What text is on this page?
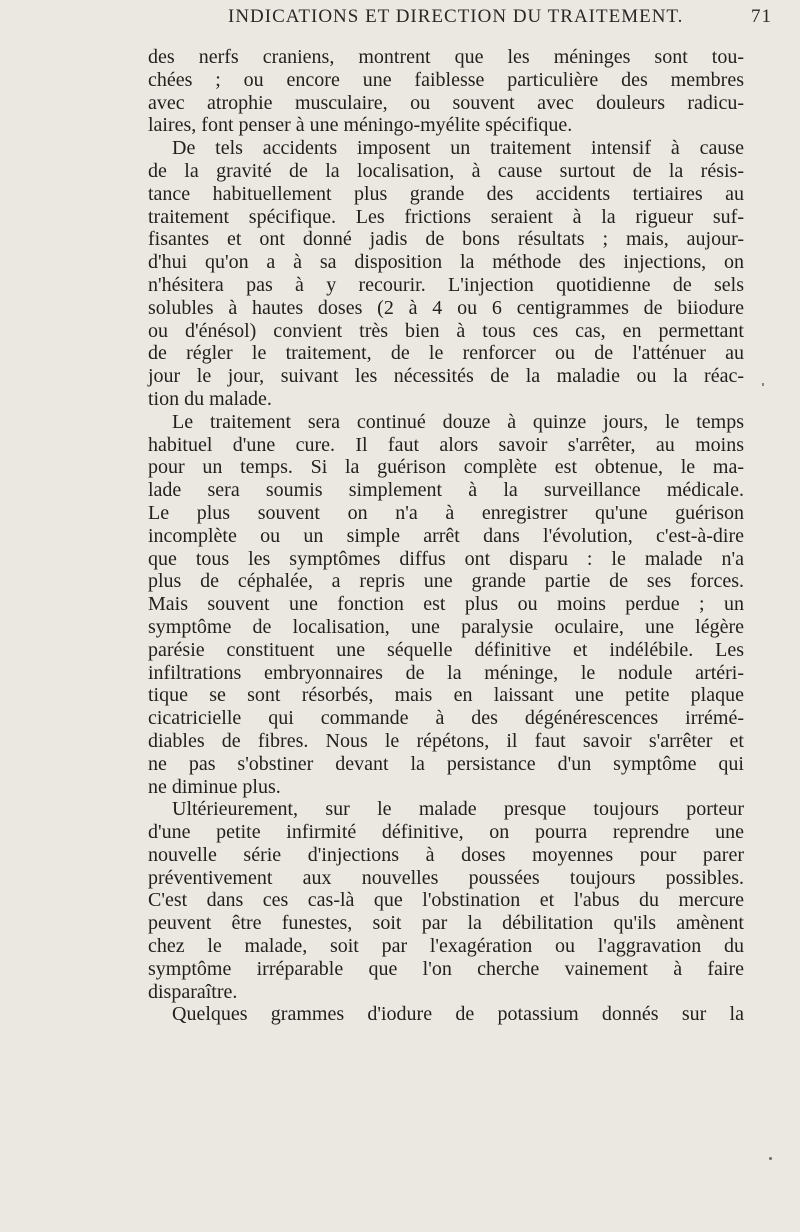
INDICATIONS ET DIRECTION DU TRAITEMENT.	71
des nerfs craniens, montrent que les méninges sont tou-
chées ; ou encore une faiblesse particulière des membres
avec atrophie musculaire, ou souvent avec douleurs radicu-
laires, font penser à une méningo-myélite spécifique.
De tels accidents imposent un traitement intensif à cause
de la gravité de la localisation, à cause surtout de la résis-
tance habituellement plus grande des accidents tertiaires au
traitement spécifique. Les frictions seraient à la rigueur suf-
fisantes et ont donné jadis de bons résultats ; mais, aujour-
d'hui qu'on a à sa disposition la méthode des injections, on
n'hésitera pas à y recourir. L'injection quotidienne de sels
solubles à hautes doses (2 à 4 ou 6 centigrammes de biiodure
ou d'énésol) convient très bien à tous ces cas, en permettant
de régler le traitement, de le renforcer ou de l'atténuer au
jour le jour, suivant les nécessités de la maladie ou la réac-
tion du malade.
Le traitement sera continué douze à quinze jours, le temps
habituel d'une cure. Il faut alors savoir s'arrêter, au moins
pour un temps. Si la guérison complète est obtenue, le ma-
lade sera soumis simplement à la surveillance médicale.
Le plus souvent on n'a à enregistrer qu'une guérison
incomplète ou un simple arrêt dans l'évolution, c'est-à-dire
que tous les symptômes diffus ont disparu : le malade n'a
plus de céphalée, a repris une grande partie de ses forces.
Mais souvent une fonction est plus ou moins perdue ; un
symptôme de localisation, une paralysie oculaire, une légère
parésie constituent une séquelle définitive et indélébile. Les
infiltrations embryonnaires de la méninge, le nodule artéri-
tique se sont résorbés, mais en laissant une petite plaque
cicatricielle qui commande à des dégénérescences irrémé-
diables de fibres. Nous le répétons, il faut savoir s'arrêter et
ne pas s'obstiner devant la persistance d'un symptôme qui
ne diminue plus.
Ultérieurement, sur le malade presque toujours porteur
d'une petite infirmité définitive, on pourra reprendre une
nouvelle série d'injections à doses moyennes pour parer
préventivement aux nouvelles poussées toujours possibles.
C'est dans ces cas-là que l'obstination et l'abus du mercure
peuvent être funestes, soit par la débilitation qu'ils amènent
chez le malade, soit par l'exagération ou l'aggravation du
symptôme irréparable que l'on cherche vainement à faire
disparaître.
Quelques grammes d'iodure de potassium donnés sur la
